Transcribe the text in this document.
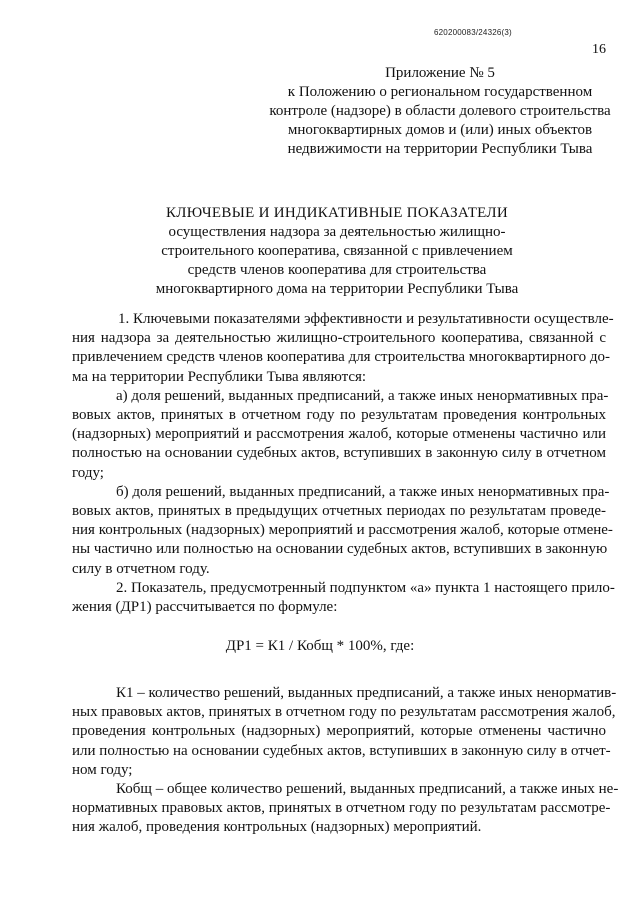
620200083/24326(3)
16
Приложение № 5
к Положению о региональном государственном
контроле (надзоре) в области долевого строительства
многоквартирных домов и (или) иных объектов
недвижимости на территории Республики Тыва
КЛЮЧЕВЫЕ И ИНДИКАТИВНЫЕ ПОКАЗАТЕЛИ
осуществления надзора за деятельностью жилищно-
строительного кооператива, связанной с привлечением
средств членов кооператива для строительства
многоквартирного дома на территории Республики Тыва
1. Ключевыми показателями эффективности и результативности осуществле-
ния надзора за деятельностью жилищно-строительного кооператива, связанной с
привлечением средств членов кооператива для строительства многоквартирного до-
ма на территории Республики Тыва являются:
а) доля решений, выданных предписаний, а также иных ненормативных пра-
вовых актов, принятых в отчетном году по результатам проведения контрольных
(надзорных) мероприятий и рассмотрения жалоб, которые отменены частично или
полностью на основании судебных актов, вступивших в законную силу в отчетном
году;
б) доля решений, выданных предписаний, а также иных ненормативных пра-
вовых актов, принятых в предыдущих отчетных периодах по результатам проведе-
ния контрольных (надзорных) мероприятий и рассмотрения жалоб, которые отмене-
ны частично или полностью на основании судебных актов, вступивших в законную
силу в отчетном году.
2. Показатель, предусмотренный подпунктом «а» пункта 1 настоящего прило-
жения (ДР1) рассчитывается по формуле:
ДР1 = К1 / Кобщ * 100%, где:
К1 – количество решений, выданных предписаний, а также иных ненорматив-
ных правовых актов, принятых в отчетном году по результатам рассмотрения жалоб,
проведения контрольных (надзорных) мероприятий, которые отменены частично
или полностью на основании судебных актов, вступивших в законную силу в отчет-
ном году;
Кобщ – общее количество решений, выданных предписаний, а также иных не-
нормативных правовых актов, принятых в отчетном году по результатам рассмотре-
ния жалоб, проведения контрольных (надзорных) мероприятий.
